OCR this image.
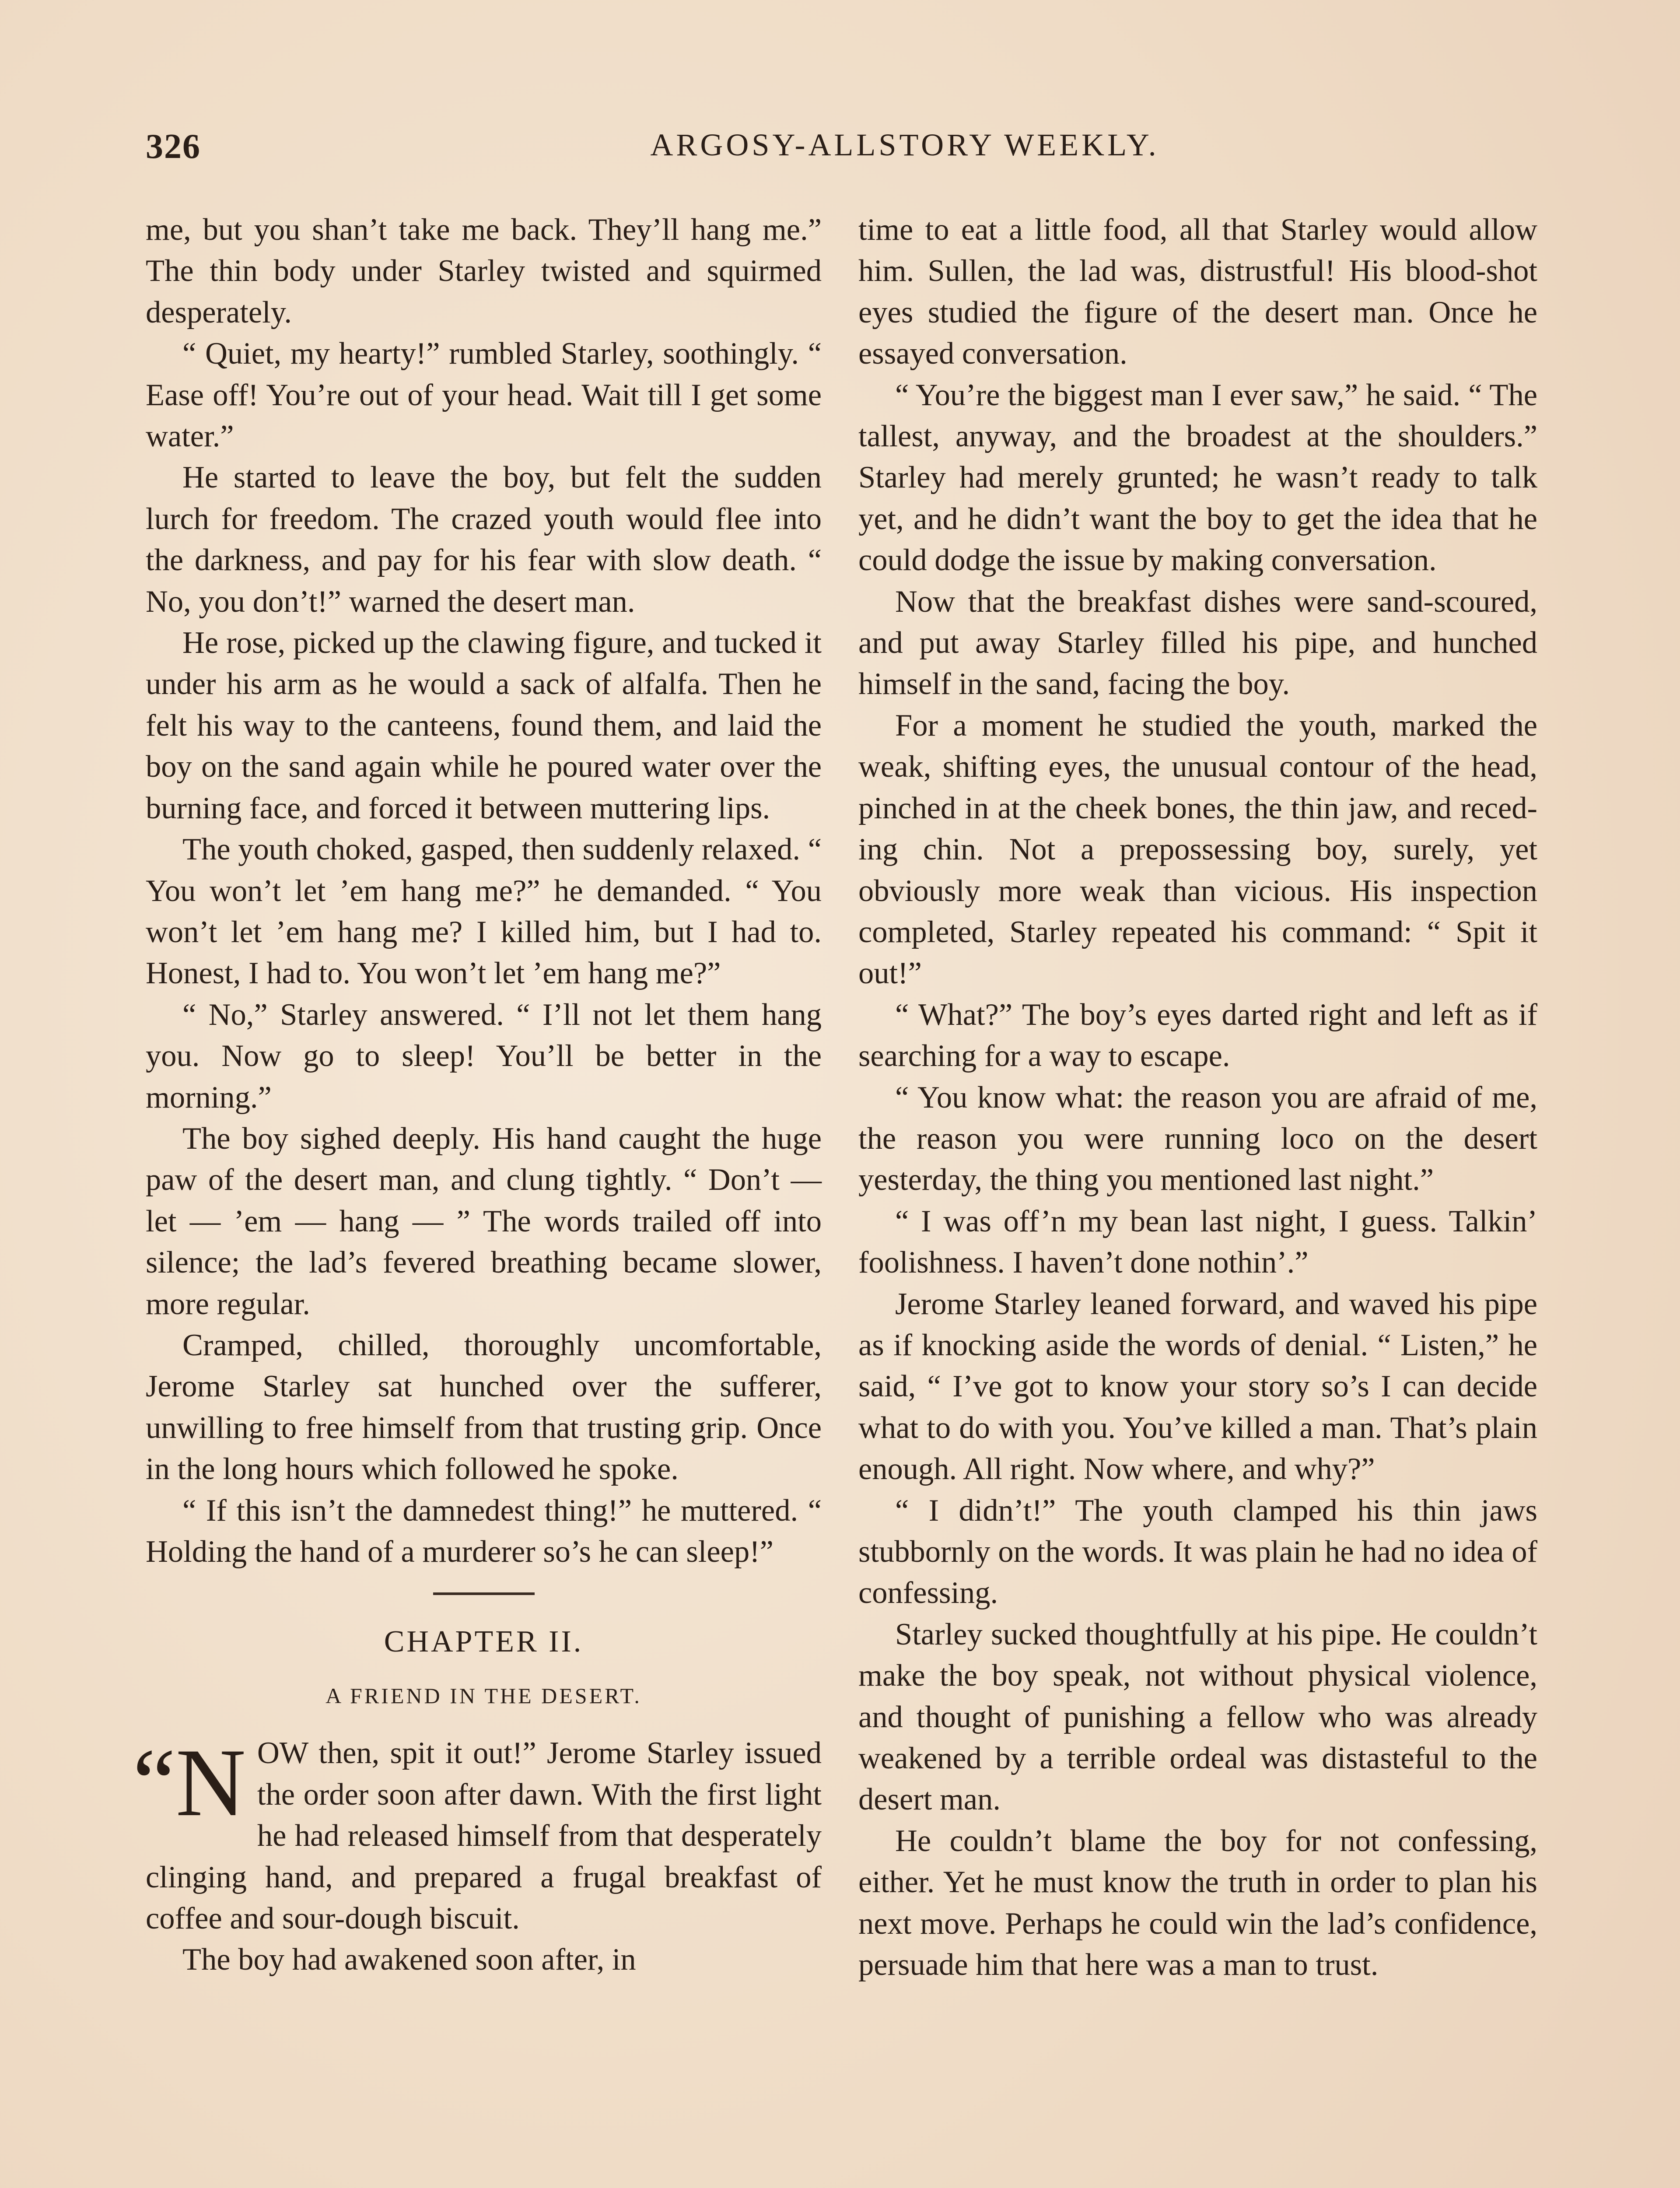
326	ARGOSY-ALLSTORY WEEKLY.

me, but you shan’t take me back. They’ll hang me.” The thin body under Starley twisted and squirmed desperately.

“ Quiet, my hearty!” rumbled Starley, soothingly. “ Ease off! You’re out of your head. Wait till I get some water.”

He started to leave the boy, but felt the sudden lurch for freedom. The crazed youth would flee into the darkness, and pay for his fear with slow death. “ No, you don’t!” warned the desert man.

He rose, picked up the clawing figure, and tucked it under his arm as he would a sack of alfalfa. Then he felt his way to the canteens, found them, and laid the boy on the sand again while he poured water over the burning face, and forced it between muttering lips.

The youth choked, gasped, then suddenly relaxed. “ You won’t let ’em hang me?” he demanded. “ You won’t let ’em hang me? I killed him, but I had to. Honest, I had to. You won’t let ’em hang me?”

“ No,” Starley answered. “ I’ll not let them hang you. Now go to sleep! You’ll be better in the morning.”

The boy sighed deeply. His hand caught the huge paw of the desert man, and clung tightly. “ Don’t — let — ’em — hang — ” The words trailed off into silence; the lad’s fevered breathing became slower, more regular.

Cramped, chilled, thoroughly uncomfortable, Jerome Starley sat hunched over the sufferer, unwilling to free himself from that trusting grip. Once in the long hours which followed he spoke.

“ If this isn’t the damnedest thing!” he muttered. “ Holding the hand of a murderer so’s he can sleep!”

CHAPTER II.
A FRIEND IN THE DESERT.

“N OW then, spit it out!” Jerome Starley issued the order soon after dawn. With the first light he had released himself from that desperately clinging hand, and prepared a frugal breakfast of coffee and sour-dough biscuit.

The boy had awakened soon after, in

time to eat a little food, all that Starley would allow him. Sullen, the lad was, distrustful! His blood-shot eyes studied the figure of the desert man. Once he essayed conversation.

“ You’re the biggest man I ever saw,” he said. “ The tallest, anyway, and the broadest at the shoulders.” Starley had merely grunted; he wasn’t ready to talk yet, and he didn’t want the boy to get the idea that he could dodge the issue by making conversation.

Now that the breakfast dishes were sand-scoured, and put away Starley filled his pipe, and hunched himself in the sand, facing the boy.

For a moment he studied the youth, marked the weak, shifting eyes, the unusual contour of the head, pinched in at the cheek bones, the thin jaw, and receding chin. Not a prepossessing boy, surely, yet obviously more weak than vicious. His inspection completed, Starley repeated his command: “ Spit it out!”

“ What?” The boy’s eyes darted right and left as if searching for a way to escape.

“ You know what: the reason you are afraid of me, the reason you were running loco on the desert yesterday, the thing you mentioned last night.”

“ I was off’n my bean last night, I guess. Talkin’ foolishness. I haven’t done nothin’.”

Jerome Starley leaned forward, and waved his pipe as if knocking aside the words of denial. “ Listen,” he said, “ I’ve got to know your story so’s I can decide what to do with you. You’ve killed a man. That’s plain enough. All right. Now where, and why?”

“ I didn’t!” The youth clamped his thin jaws stubbornly on the words. It was plain he had no idea of confessing.

Starley sucked thoughtfully at his pipe. He couldn’t make the boy speak, not without physical violence, and thought of punishing a fellow who was already weakened by a terrible ordeal was distasteful to the desert man.

He couldn’t blame the boy for not confessing, either. Yet he must know the truth in order to plan his next move. Perhaps he could win the lad’s confidence, persuade him that here was a man to trust.
